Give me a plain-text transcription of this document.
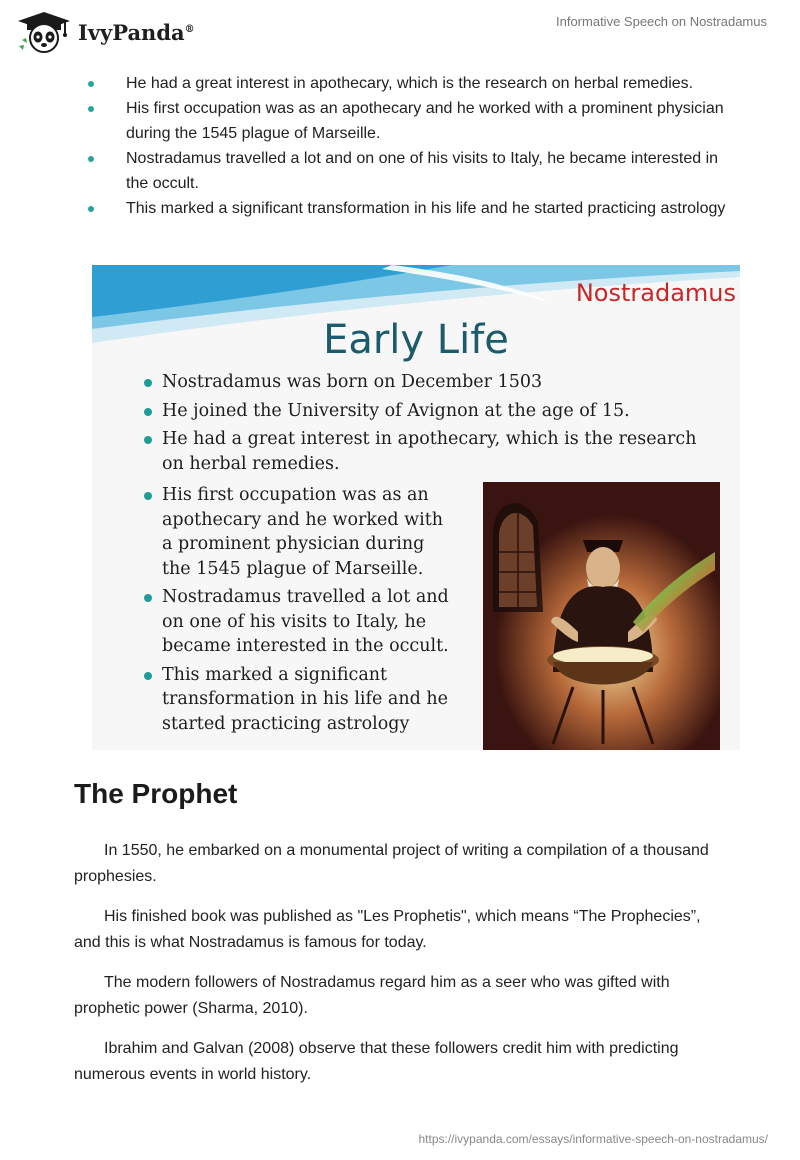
IvyPanda®	Informative Speech on Nostradamus
He had a great interest in apothecary, which is the research on herbal remedies.
His first occupation was as an apothecary and he worked with a prominent physician during the 1545 plague of Marseille.
Nostradamus travelled a lot and on one of his visits to Italy, he became interested in the occult.
This marked a significant transformation in his life and he started practicing astrology
Nostradamus
Early Life
Nostradamus was born on December 1503
He joined the University of Avignon at the age of 15.
He had a great interest in apothecary, which is the research on herbal remedies.
His first occupation was as an apothecary and he worked with a prominent physician during the 1545 plague of Marseille.
Nostradamus travelled a lot and on one of his visits to Italy, he became interested in the occult.
This marked a significant transformation in his life and he started practicing astrology
The Prophet

In 1550, he embarked on a monumental project of writing a compilation of a thousand prophesies.

His finished book was published as "Les Prophetis", which means “The Prophecies”, and this is what Nostradamus is famous for today.

The modern followers of Nostradamus regard him as a seer who was gifted with prophetic power (Sharma, 2010).

Ibrahim and Galvan (2008) observe that these followers credit him with predicting numerous events in world history.

https://ivypanda.com/essays/informative-speech-on-nostradamus/
